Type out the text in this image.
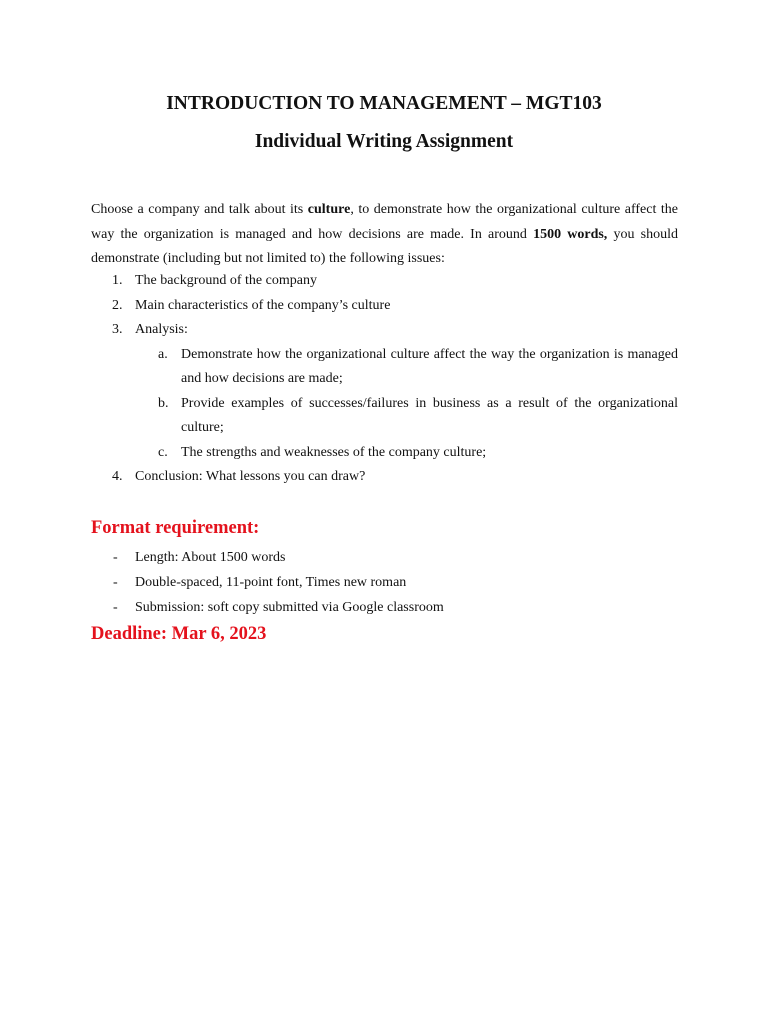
INTRODUCTION TO MANAGEMENT – MGT103
Individual Writing Assignment

Choose a company and talk about its culture, to demonstrate how the organizational culture affect the way the organization is managed and how decisions are made. In around 1500 words, you should demonstrate (including but not limited to) the following issues:

1. The background of the company
2. Main characteristics of the company’s culture
3. Analysis:
a. Demonstrate how the organizational culture affect the way the organization is managed and how decisions are made;
b. Provide examples of successes/failures in business as a result of the organizational culture;
c. The strengths and weaknesses of the company culture;
4. Conclusion: What lessons you can draw?
Format requirement:
- Length: About 1500 words
- Double-spaced, 11-point font, Times new roman
- Submission: soft copy submitted via Google classroom
Deadline: Mar 6, 2023
